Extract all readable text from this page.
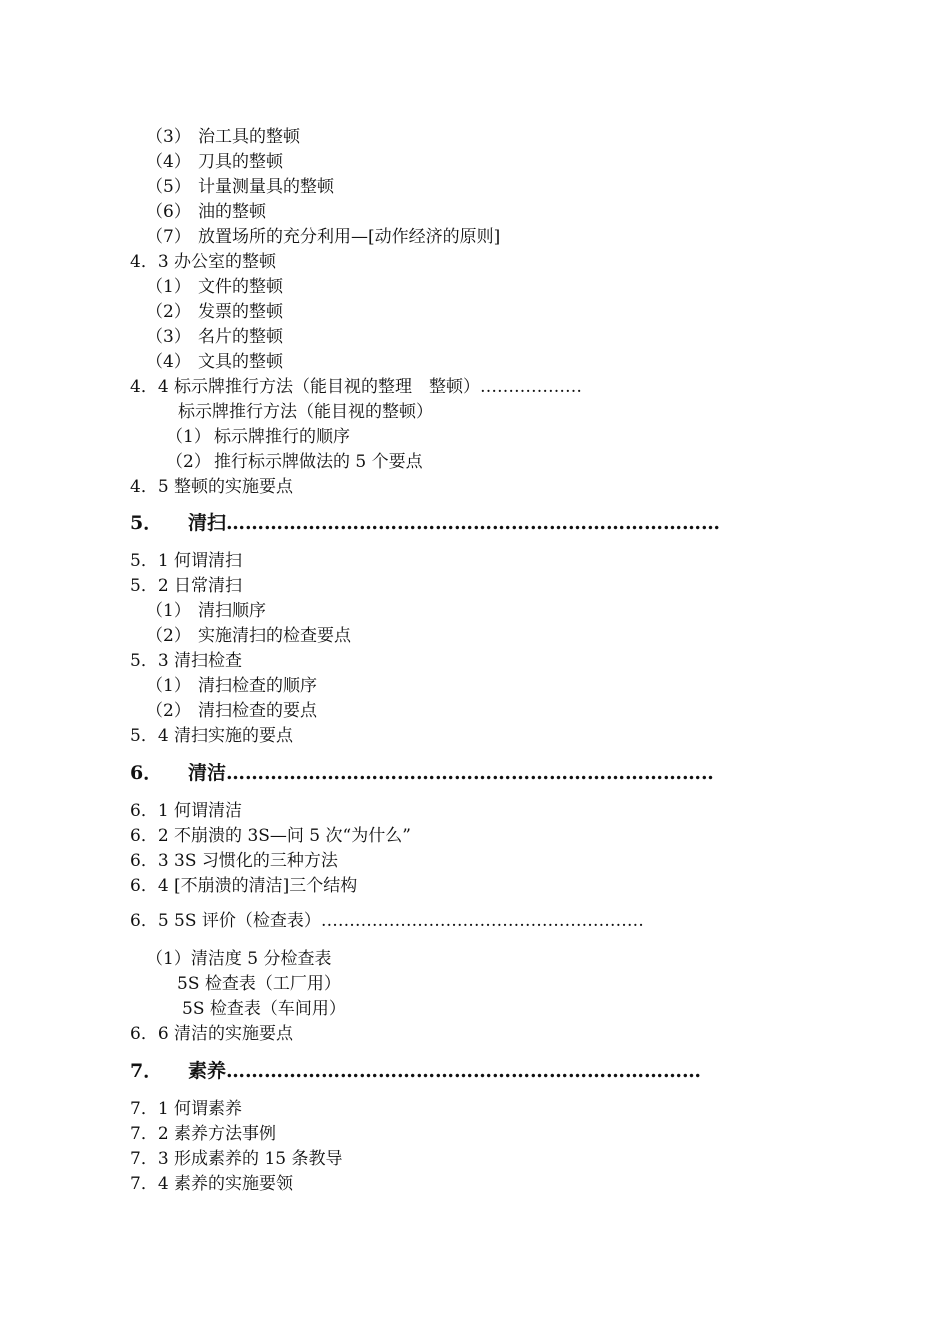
（3） 治工具的整顿
（4） 刀具的整顿
（5） 计量测量具的整顿
（6） 油的整顿
（7） 放置场所的充分利用—[动作经济的原则]
4．3 办公室的整顿
（1） 文件的整顿
（2） 发票的整顿
（3） 名片的整顿
（4） 文具的整顿
4．4 标示牌推行方法（能目视的整理　整顿）………………
标示牌推行方法（能目视的整顿）
（1） 标示牌推行的顺序
（2） 推行标示牌做法的 5 个要点
4．5 整顿的实施要点
5． 清扫……………………………………………………………………
5．1 何谓清扫
5．2 日常清扫
（1） 清扫顺序
（2） 实施清扫的检查要点
5．3 清扫检查
（1） 清扫检查的顺序
（2） 清扫检查的要点
5．4 清扫实施的要点
6． 清洁…………………………………………………………………‥
6．1 何谓清洁
6．2 不崩溃的 3S—问 5 次“为什么”
6．3 3S 习惯化的三种方法
6．4 [不崩溃的清洁]三个结构
6．5 5S 评价（检查表）…………………………………………………
（1）清洁度 5 分检查表
5S 检查表（工厂用）
5S 检查表（车间用）
6．6 清洁的实施要点
7． 素养…………………………………………………………………
7．1 何谓素养
7．2 素养方法事例
7．3 形成素养的 15 条教导
7．4 素养的实施要领
